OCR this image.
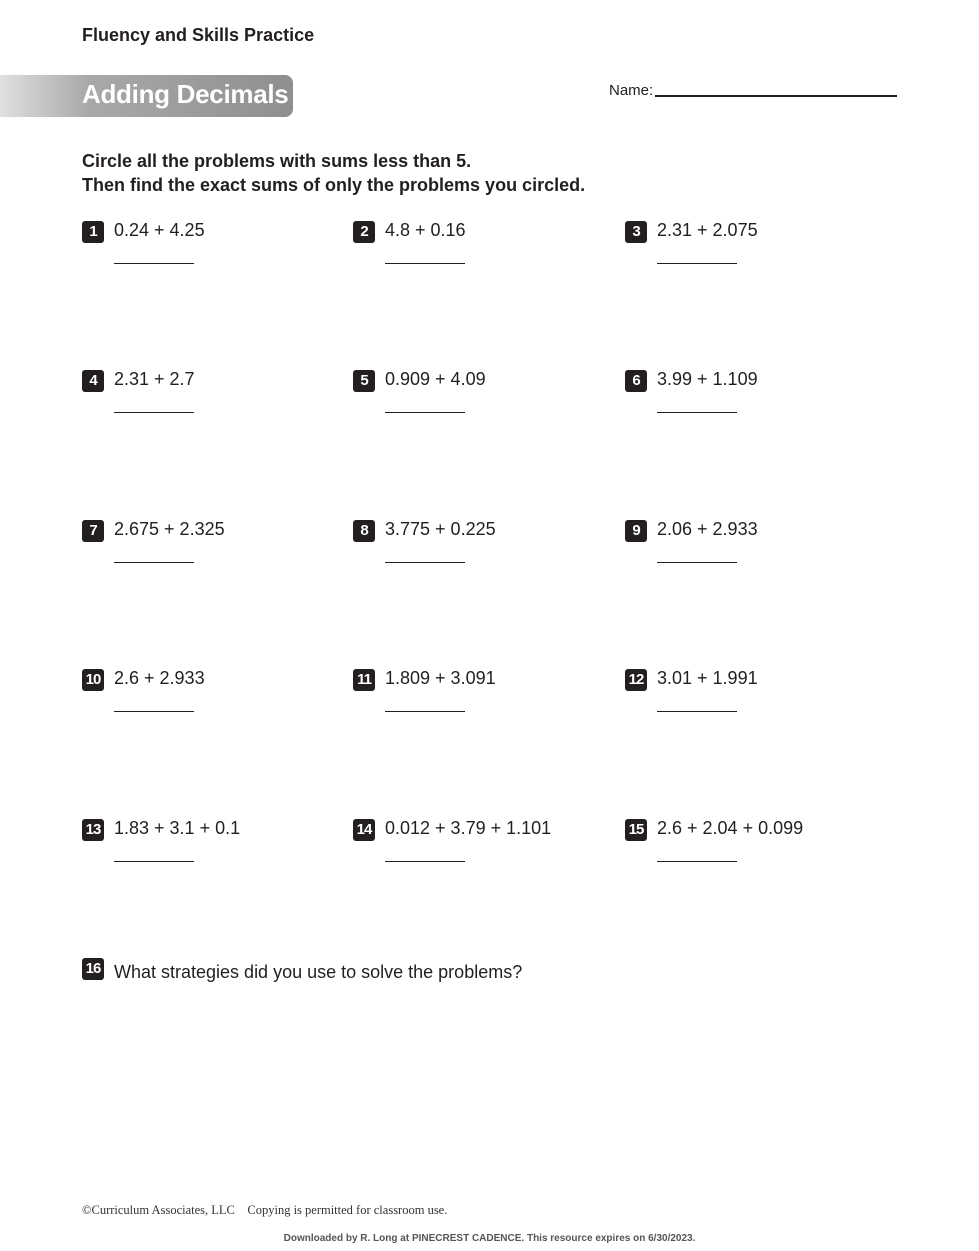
Fluency and Skills Practice
Adding Decimals	Name:
Circle all the problems with sums less than 5.
Then find the exact sums of only the problems you circled.
1 0.24 + 4.25	2 4.8 + 0.16	3 2.31 + 2.075
4 2.31 + 2.7	5 0.909 + 4.09	6 3.99 + 1.109
7 2.675 + 2.325	8 3.775 + 0.225	9 2.06 + 2.933
10 2.6 + 2.933	11 1.809 + 3.091	12 3.01 + 1.991
13 1.83 + 3.1 + 0.1	14 0.012 + 3.79 + 1.101	15 2.6 + 2.04 + 0.099
16 What strategies did you use to solve the problems?
©Curriculum Associates, LLC    Copying is permitted for classroom use.
Downloaded by R. Long at PINECREST CADENCE. This resource expires on 6/30/2023.
